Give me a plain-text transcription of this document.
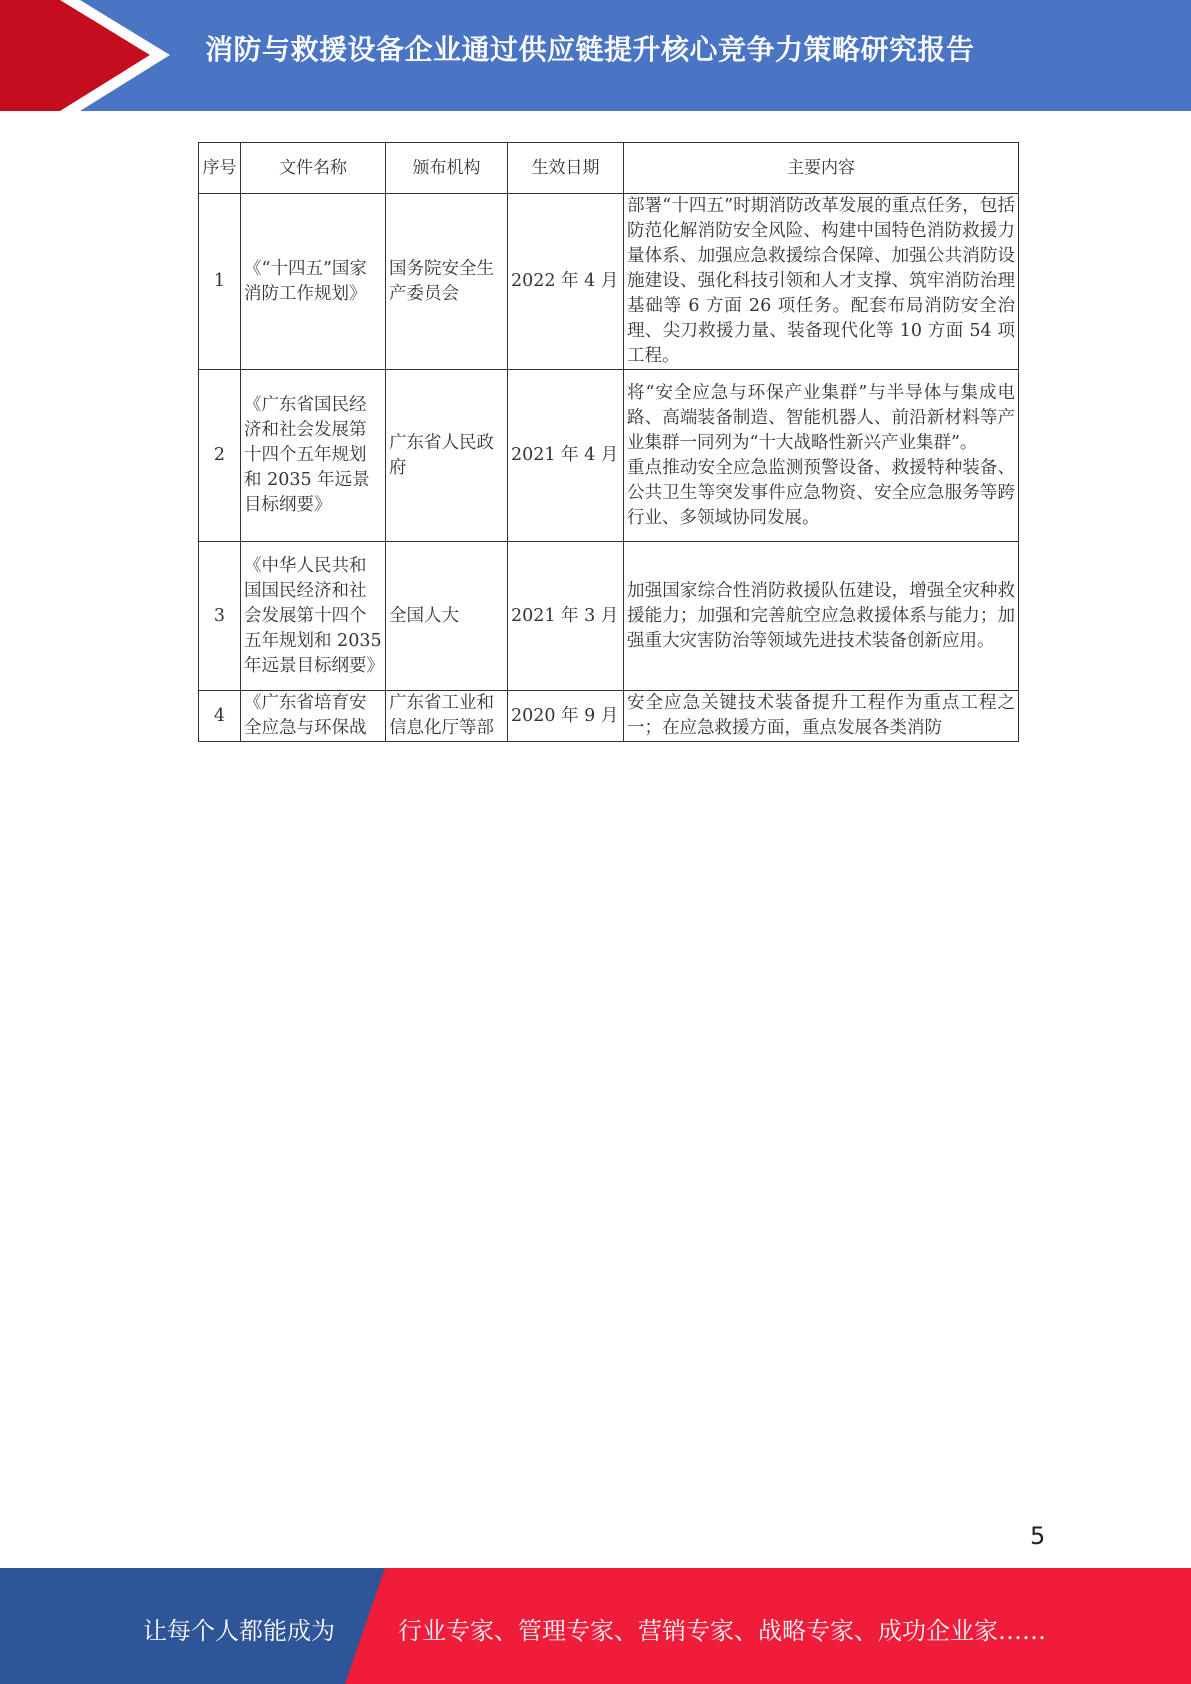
消防与救援设备企业通过供应链提升核心竞争力策略研究报告
序号	文件名称	颁布机构	生效日期	主要内容
1	《“十四五”国家消防工作规划》	国务院安全生产委员会	2022 年 4 月	部署“十四五”时期消防改革发展的重点任务，包括防范化解消防安全风险、构建中国特色消防救援力量体系、加强应急救援综合保障、加强公共消防设施建设、强化科技引领和人才支撑、筑牢消防治理基础等 6 方面 26 项任务。配套布局消防安全治理、尖刀救援力量、装备现代化等 10 方面 54 项工程。
2	《广东省国民经济和社会发展第十四个五年规划和 2035 年远景目标纲要》	广东省人民政府	2021 年 4 月	将“安全应急与环保产业集群”与半导体与集成电路、高端装备制造、智能机器人、前沿新材料等产业集群一同列为“十大战略性新兴产业集群”。
重点推动安全应急监测预警设备、救援特种装备、公共卫生等突发事件应急物资、安全应急服务等跨行业、多领域协同发展。

3	《中华人民共和国国民经济和社会发展第十四个五年规划和 2035 年远景目标纲要》	全国人大	2021 年 3 月	加强国家综合性消防救援队伍建设，增强全灾种救援能力；加强和完善航空应急救援体系与能力；加强重大灾害防治等领域先进技术装备创新应用。
4	《广东省培育安全应急与环保战	广东省工业和信息化厅等部	2020 年 9 月	安全应急关键技术装备提升工程作为重点工程之一；在应急救援方面，重点发展各类消防
5
让每个人都能成为	行业专家、管理专家、营销专家、战略专家、成功企业家……
